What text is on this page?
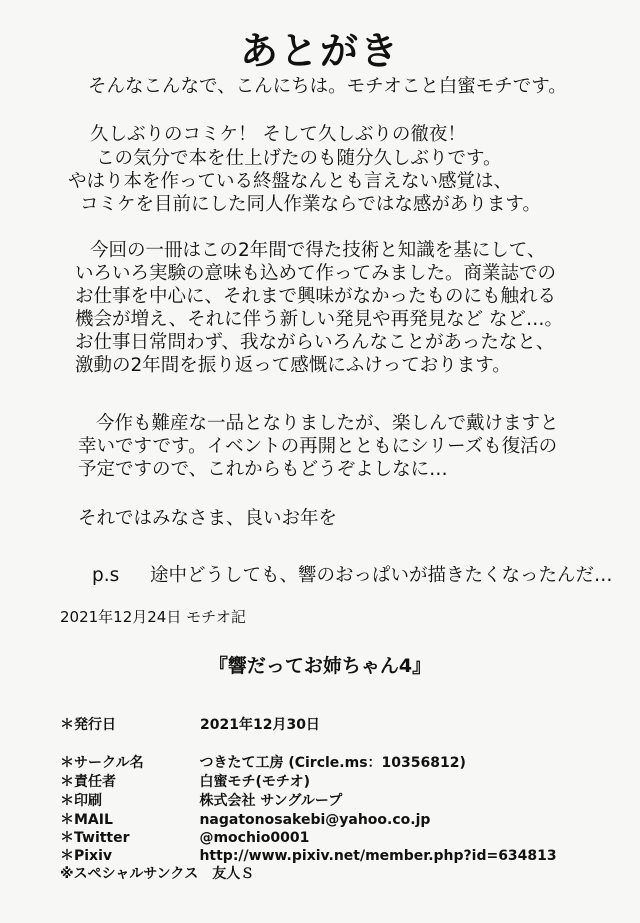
あとがき
そんなこんなで、こんにちは。モチオこと白蜜モチです。
久しぶりのコミケ！ そして久しぶりの徹夜！
この気分で本を仕上げたのも随分久しぶりです。
やはり本を作っている終盤なんとも言えない感覚は、
コミケを目前にした同人作業ならではな感があります。
今回の一冊はこの2年間で得た技術と知識を基にして、
いろいろ実験の意味も込めて作ってみました。商業誌での
お仕事を中心に、それまで興味がなかったものにも触れる
機会が増え、それに伴う新しい発見や再発見など など…。
お仕事日常問わず、我ながらいろんなことがあったなと、
激動の2年間を振り返って感慨にふけっております。
今作も難産な一品となりましたが、楽しんで戴けますと
幸いですです。イベントの再開とともにシリーズも復活の
予定ですので、これからもどうぞよしなに…
それではみなさま、良いお年を
p.s 途中どうしても、響のおっぱいが描きたくなったんだ…
2021年12月24日 モチオ記
『響だってお姉ちゃん4』
＊発行日	2021年12月30日
＊サークル名	つきたて工房 (Circle.ms：10356812)
＊責任者	白蜜モチ(モチオ)
＊印刷	株式会社 サングループ
＊MAIL	nagatonosakebi@yahoo.co.jp
＊Twitter	@mochio0001
＊Pixiv	http://www.pixiv.net/member.php?id=634813
※スペシャルサンクス　友人Ｓ
